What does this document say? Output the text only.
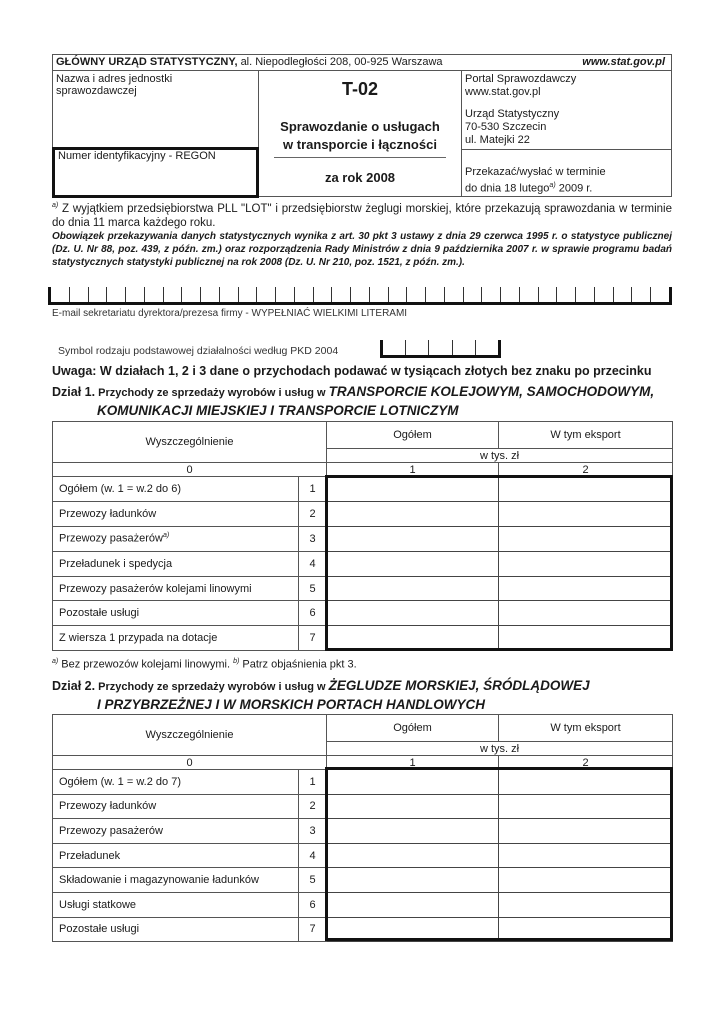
GŁÓWNY URZĄD STATYSTYCZNY, al. Niepodległości 208, 00-925 Warszawa	www.stat.gov.pl
Nazwa i adres jednostki sprawozdawczej
Numer identyfikacyjny - REGON
T-02
Sprawozdanie o usługach
w transporcie i łączności
za rok 2008
Portal Sprawozdawczy
www.stat.gov.pl
Urząd Statystyczny
70-530 Szczecin
ul. Matejki 22
Przekazać/wysłać w terminie
do dnia 18 lutego$^{a)}$ 2009 r.
$^{a)}$ Z wyjątkiem przedsiębiorstwa PLL "LOT" i przedsiębiorstw żeglugi morskiej, które przekazują sprawozdania w terminie do dnia 11 marca każdego roku.
Obowiązek przekazywania danych statystycznych wynika z art. 30 pkt 3 ustawy z dnia 29 czerwca 1995 r. o statystyce publicznej (Dz. U. Nr 88, poz. 439, z późn. zm.) oraz rozporządzenia Rady Ministrów z dnia 9 października 2007 r. w sprawie programu badań statystycznych statystyki publicznej na rok 2008 (Dz. U. Nr 210, poz. 1521, z późn. zm.).
E-mail sekretariatu dyrektora/prezesa firmy - WYPEŁNIAĆ WIELKIMI LITERAMI
Symbol rodzaju podstawowej działalności według PKD 2004
Uwaga: W działach 1, 2 i 3 dane o przychodach podawać w tysiącach złotych bez znaku po przecinku
Dział 1. Przychody ze sprzedaży wyrobów i usług w TRANSPORCIE KOLEJOWYM, SAMOCHODOWYM,
KOMUNIKACJI MIEJSKIEJ I TRANSPORCIE LOTNICZYM
Wyszczególnienie		Ogółem	W tym eksport
		w tys. zł	
0		1	2
Ogółem (w. 1 = w.2 do 6)	1		
Przewozy ładunków	2		
Przewozy pasażerów$^{a)}$	3		
Przeładunek i spedycja	4		
Przewozy pasażerów kolejami linowymi	5		
Pozostałe usługi	6		
Z wiersza 1 przypada na dotacje	7		
$^{a)}$ Bez przewozów kolejami linowymi. $^{b)}$ Patrz objaśnienia pkt 3.
Dział 2. Przychody ze sprzedaży wyrobów i usług w ŻEGLUDZE MORSKIEJ, ŚRÓDLĄDOWEJ
I PRZYBRZEŻNEJ I W MORSKICH PORTACH HANDLOWYCH
Wyszczególnienie		Ogółem	W tym eksport
		w tys. zł	
0		1	2
Ogółem (w. 1 = w.2 do 7)	1		
Przewozy ładunków	2		
Przewozy pasażerów	3		
Przeładunek	4		
Składowanie i magazynowanie ładunków	5		
Usługi statkowe	6		
Pozostałe usługi	7		
